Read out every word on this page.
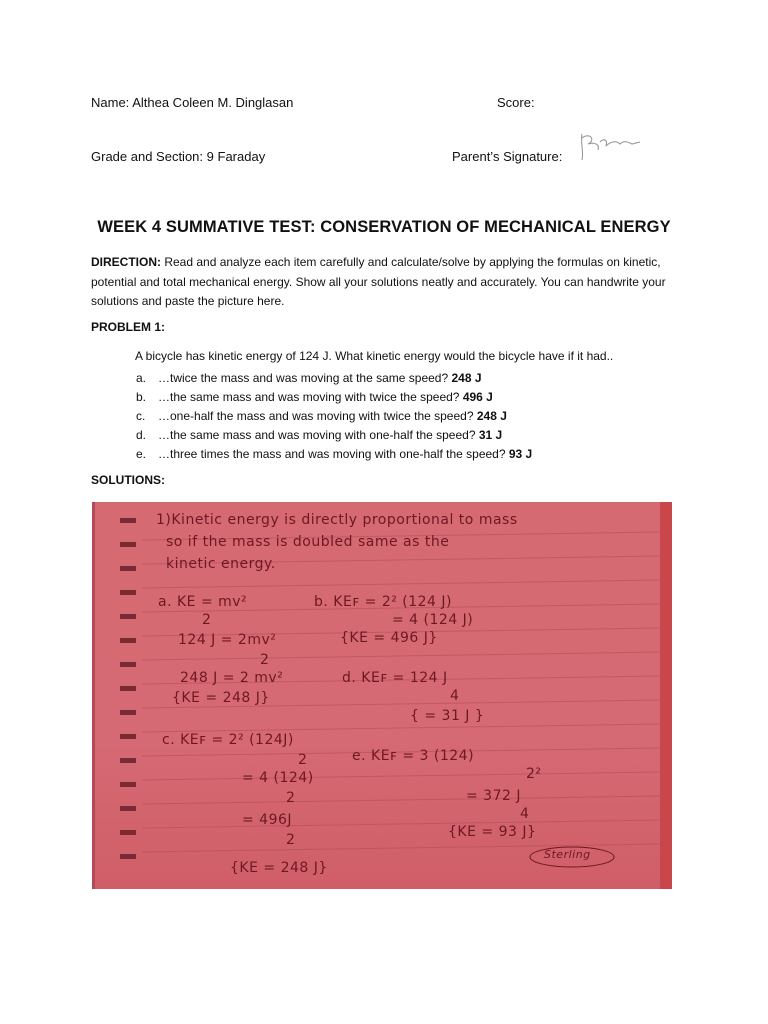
Name: Althea Coleen M. Dinglasan	Score:
Grade and Section: 9 Faraday	Parent’s Signature:
WEEK 4 SUMMATIVE TEST: CONSERVATION OF MECHANICAL ENERGY
DIRECTION: Read and analyze each item carefully and calculate/solve by applying the formulas on kinetic, potential and total mechanical energy. Show all your solutions neatly and accurately. You can handwrite your solutions and paste the picture here.
PROBLEM 1:
A bicycle has kinetic energy of 124 J. What kinetic energy would the bicycle have if it had..
a. …twice the mass and was moving at the same speed? 248 J
b. …the same mass and was moving with twice the speed? 496 J
c. …one-half the mass and was moving with twice the speed? 248 J
d. …the same mass and was moving with one-half the speed? 31 J
e. …three times the mass and was moving with one-half the speed? 93 J
SOLUTIONS:
1)Kinetic energy is directly proportional to mass
so if the mass is doubled same as the
kinetic energy.
a. KE = mv²
2
124 J = 2mv²
2
248 J = 2 mv²
{KE = 248 J}
b. KEꜰ = 2² (124 J)
= 4 (124 J)
{KE = 496 J}
d. KEꜰ = 124 J
4
{ = 31 J }
c. KEꜰ = 2² (124J)
2
= 4 (124)
2
= 496J
2
{KE = 248 J}
e. KEꜰ = 3 (124)
2²
= 372 J
4
{KE = 93 J}
Sterling
